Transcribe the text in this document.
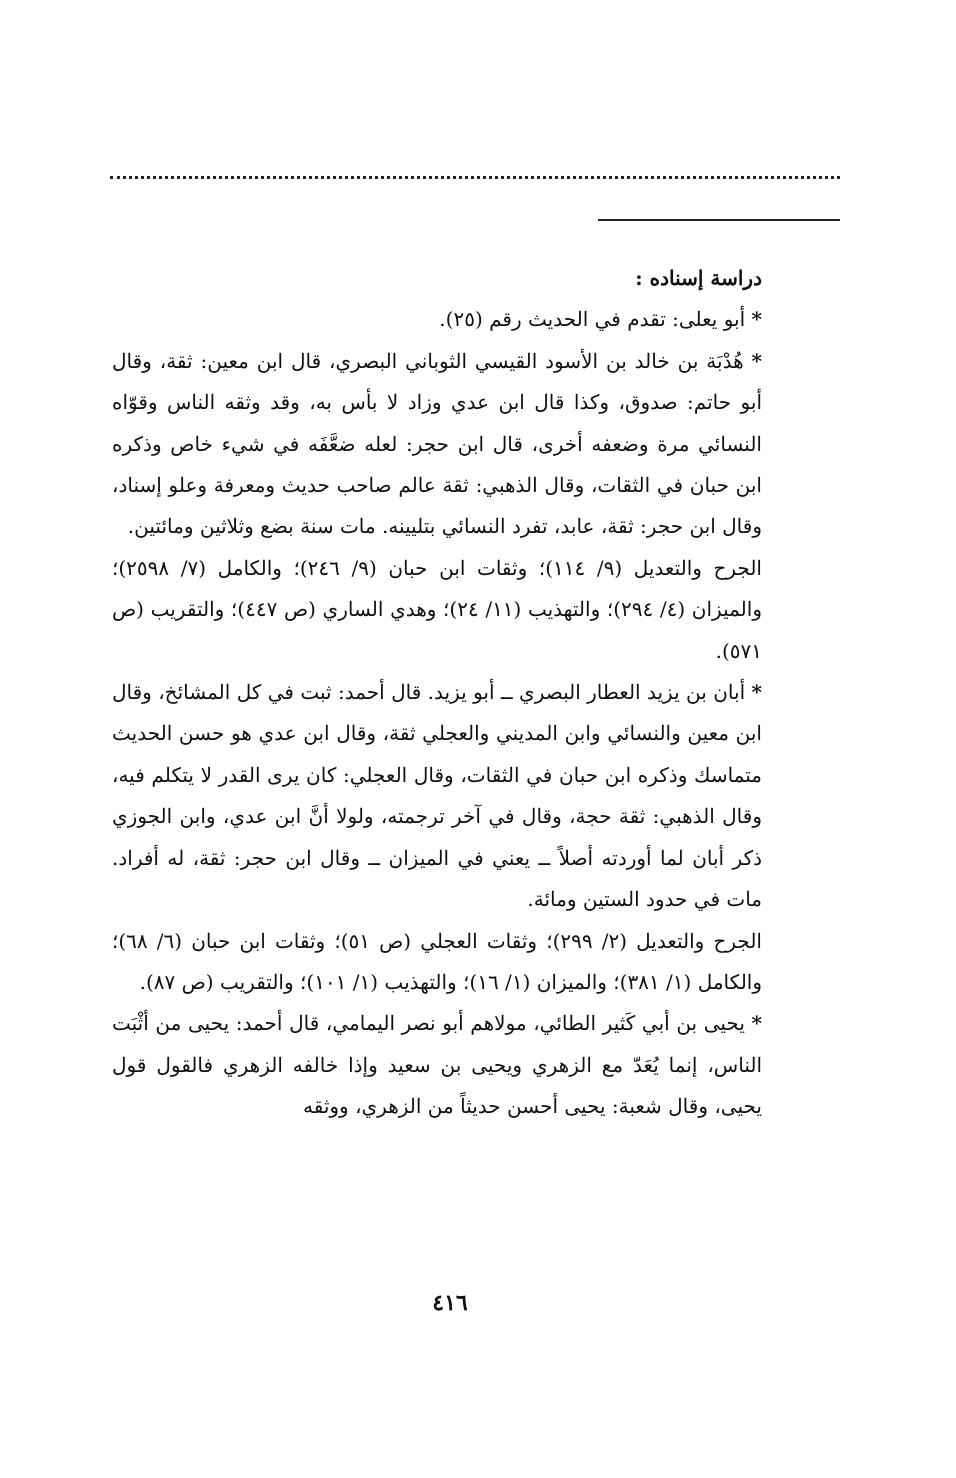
دراسة إسناده :

* أبو يعلى: تقدم في الحديث رقم (٢٥).

* هُدْبَة بن خالد بن الأسود القيسي الثوباني البصري، قال ابن معين: ثقة، وقال أبو حاتم: صدوق، وكذا قال ابن عدي وزاد لا بأس به، وقد وثقه الناس وقوّاه النسائي مرة وضعفه أخرى، قال ابن حجر: لعله ضعَّفَه في شيء خاص وذكره ابن حبان في الثقات، وقال الذهبي: ثقة عالم صاحب حديث ومعرفة وعلو إسناد، وقال ابن حجر: ثقة، عابد، تفرد النسائي بتليينه. مات سنة بضع وثلاثين ومائتين.

الجرح والتعديل (٩/ ١١٤)؛ وثقات ابن حبان (٩/ ٢٤٦)؛ والكامل (٧/ ٢٥٩٨)؛ والميزان (٤/ ٢٩٤)؛ والتهذيب (١١/ ٢٤)؛ وهدي الساري (ص ٤٤٧)؛ والتقريب (ص ٥٧١).

* أبان بن يزيد العطار البصري ــ أبو يزيد. قال أحمد: ثبت في كل المشائخ، وقال ابن معين والنسائي وابن المديني والعجلي ثقة، وقال ابن عدي هو حسن الحديث متماسك وذكره ابن حبان في الثقات، وقال العجلي: كان يرى القدر لا يتكلم فيه، وقال الذهبي: ثقة حجة، وقال في آخر ترجمته، ولولا أنَّ ابن عدي، وابن الجوزي ذكر أبان لما أوردته أصلاً ــ يعني في الميزان ــ وقال ابن حجر: ثقة، له أفراد. مات في حدود الستين ومائة.

الجرح والتعديل (٢/ ٢٩٩)؛ وثقات العجلي (ص ٥١)؛ وثقات ابن حبان (٦/ ٦٨)؛ والكامل (١/ ٣٨١)؛ والميزان (١/ ١٦)؛ والتهذيب (١/ ١٠١)؛ والتقريب (ص ٨٧).

* يحيى بن أبي كَثير الطائي، مولاهم أبو نصر اليمامي، قال أحمد: يحيى من أثْبَت الناس، إنما يُعَدّ مع الزهري ويحيى بن سعيد وإذا خالفه الزهري فالقول قول يحيى، وقال شعبة: يحيى أحسن حديثاً من الزهري، ووثقه

٤١٦
